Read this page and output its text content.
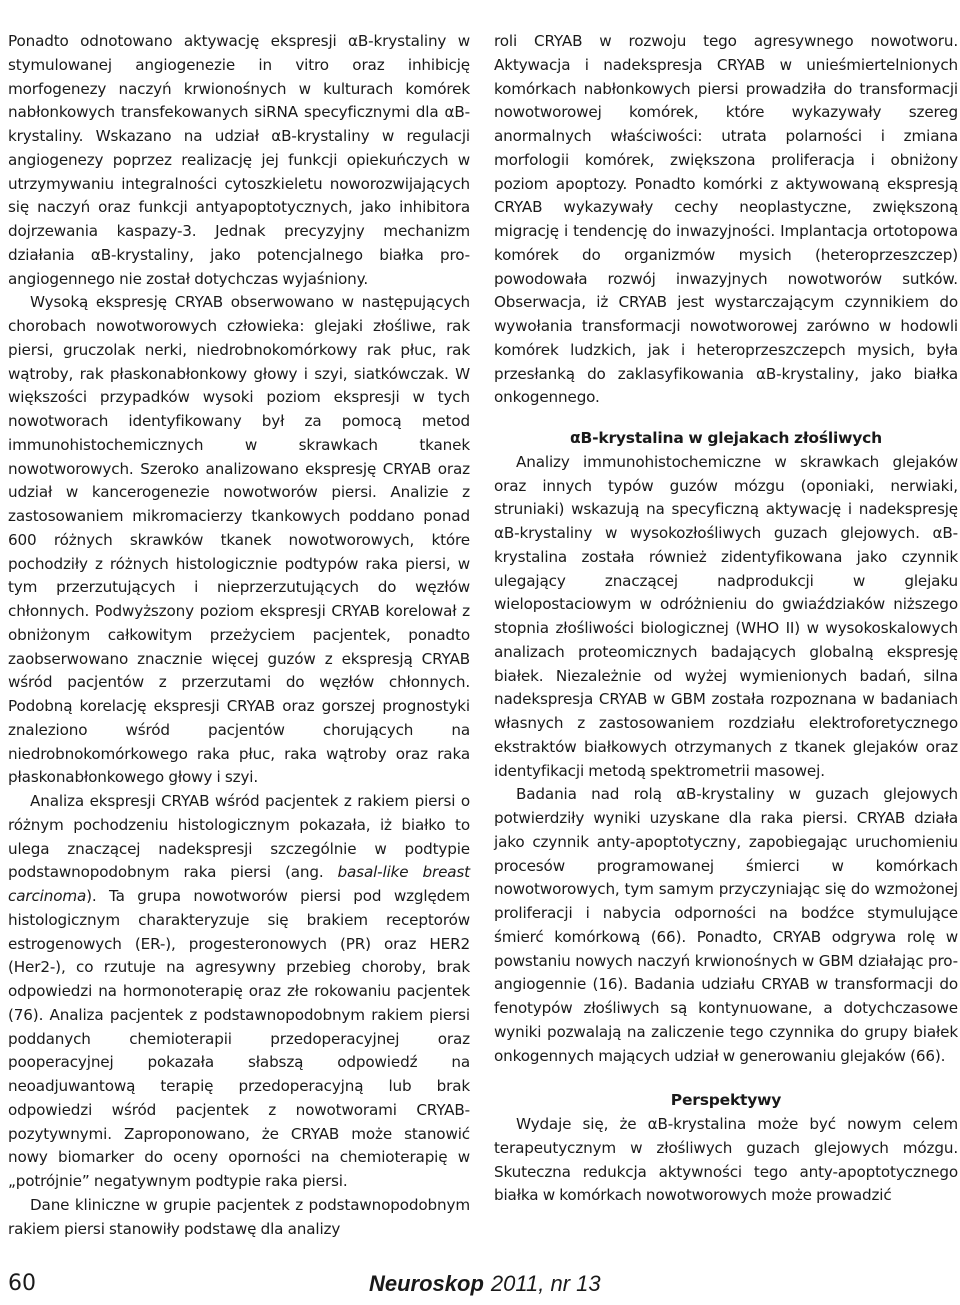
Ponadto odnotowano aktywację ekspresji αB-krystaliny w stymulowanej angiogenezie in vitro oraz inhibicję morfogenezy naczyń krwionośnych w kulturach komórek nabłonkowych transfekowanych siRNA specyficznymi dla αB-krystaliny. Wskazano na udział αB-krystaliny w regulacji angiogenezy poprzez realizację jej funkcji opiekuńczych w utrzymywaniu integralności cytoszkieletu noworozwijających się naczyń oraz funkcji antyapoptotycznych, jako inhibitora dojrzewania kaspazy-3. Jednak precyzyjny mechanizm działania αB-krystaliny, jako potencjalnego białka pro-angiogennego nie został dotychczas wyjaśniony.

Wysoką ekspresję CRYAB obserwowano w następujących chorobach nowotworowych człowieka: glejaki złośliwe, rak piersi, gruczolak nerki, niedrobnokomórkowy rak płuc, rak wątroby, rak płaskonabłonkowy głowy i szyi, siatkówczak. W większości przypadków wysoki poziom ekspresji w tych nowotworach identyfikowany był za pomocą metod immunohistochemicznych w skrawkach tkanek nowotworowych. Szeroko analizowano ekspresję CRYAB oraz udział w kancerogenezie nowotworów piersi. Analizie z zastosowaniem mikromacierzy tkankowych poddano ponad 600 różnych skrawków tkanek nowotworowych, które pochodziły z różnych histologicznie podtypów raka piersi, w tym przerzutujących i nieprzerzutujących do węzłów chłonnych. Podwyższony poziom ekspresji CRYAB korelował z obniżonym całkowitym przeżyciem pacjentek, ponadto zaobserwowano znacznie więcej guzów z ekspresją CRYAB wśród pacjentów z przerzutami do węzłów chłonnych. Podobną korelację ekspresji CRYAB oraz gorszej prognostyki znaleziono wśród pacjentów chorujących na niedrobnokomórkowego raka płuc, raka wątroby oraz raka płaskonabłonkowego głowy i szyi.

Analiza ekspresji CRYAB wśród pacjentek z rakiem piersi o różnym pochodzeniu histologicznym pokazała, iż białko to ulega znaczącej nadekspresji szczególnie w podtypie podstawnopodobnym raka piersi (ang. basal-like breast carcinoma). Ta grupa nowotworów piersi pod względem histologicznym charakteryzuje się brakiem receptorów estrogenowych (ER-), progesteronowych (PR) oraz HER2 (Her2-), co rzutuje na agresywny przebieg choroby, brak odpowiedzi na hormonoterapię oraz złe rokowaniu pacjentek (76). Analiza pacjentek z podstawnopodobnym rakiem piersi poddanych chemioterapii przedoperacyjnej oraz pooperacyjnej pokazała słabszą odpowiedź na neoadjuwantową terapię przedoperacyjną lub brak odpowiedzi wśród pacjentek z nowotworami CRYAB-pozytywnymi. Zaproponowano, że CRYAB może stanowić nowy biomarker do oceny oporności na chemioterapię w „potrójnie” negatywnym podtypie raka piersi.

Dane kliniczne w grupie pacjentek z podstawnopodobnym rakiem piersi stanowiły podstawę dla analizy

roli CRYAB w rozwoju tego agresywnego nowotworu. Aktywacja i nadekspresja CRYAB w unieśmiertelnionych komórkach nabłonkowych piersi prowadziła do transformacji nowotworowej komórek, które wykazywały szereg anormalnych właściwości: utrata polarności i zmiana morfologii komórek, zwiększona proliferacja i obniżony poziom apoptozy. Ponadto komórki z aktywowaną ekspresją CRYAB wykazywały cechy neoplastyczne, zwiększoną migrację i tendencję do inwazyjności. Implantacja ortotopowa komórek do organizmów mysich (heteroprzeszczep) powodowała rozwój inwazyjnych nowotworów sutków. Obserwacja, iż CRYAB jest wystarczającym czynnikiem do wywołania transformacji nowotworowej zarówno w hodowli komórek ludzkich, jak i heteroprzeszczepch mysich, była przesłanką do zaklasyfikowania αB-krystaliny, jako białka onkogennego.

αB-krystalina w glejakach złośliwych

Analizy immunohistochemiczne w skrawkach glejaków oraz innych typów guzów mózgu (oponiaki, nerwiaki, struniaki) wskazują na specyficzną aktywację i nadekspresję αB-krystaliny w wysokozłośliwych guzach glejowych. αB-krystalina została również zidentyfikowana jako czynnik ulegający znaczącej nadprodukcji w glejaku wielopostaciowym w odróżnieniu do gwiaździaków niższego stopnia złośliwości biologicznej (WHO II) w wysokoskalowych analizach proteomicznych badających globalną ekspresję białek. Niezależnie od wyżej wymienionych badań, silna nadekspresja CRYAB w GBM została rozpoznana w badaniach własnych z zastosowaniem rozdziału elektroforetycznego ekstraktów białkowych otrzymanych z tkanek glejaków oraz identyfikacji metodą spektrometrii masowej.

Badania nad rolą αB-krystaliny w guzach glejowych potwierdziły wyniki uzyskane dla raka piersi. CRYAB działa jako czynnik anty-apoptotyczny, zapobiegając uruchomieniu procesów programowanej śmierci w komórkach nowotworowych, tym samym przyczyniając się do wzmożonej proliferacji i nabycia odporności na bodźce stymulujące śmierć komórkową (66). Ponadto, CRYAB odgrywa rolę w powstaniu nowych naczyń krwionośnych w GBM działając pro-angiogennie (16). Badania udziału CRYAB w transformacji do fenotypów złośliwych są kontynuowane, a dotychczasowe wyniki pozwalają na zaliczenie tego czynnika do grupy białek onkogennych mających udział w generowaniu glejaków (66).

Perspektywy

Wydaje się, że αB-krystalina może być nowym celem terapeutycznym w złośliwych guzach glejowych mózgu. Skuteczna redukcja aktywności tego anty-apoptotycznego białka w komórkach nowotworowych może prowadzić

60	Neuroskop 2011, nr 13
